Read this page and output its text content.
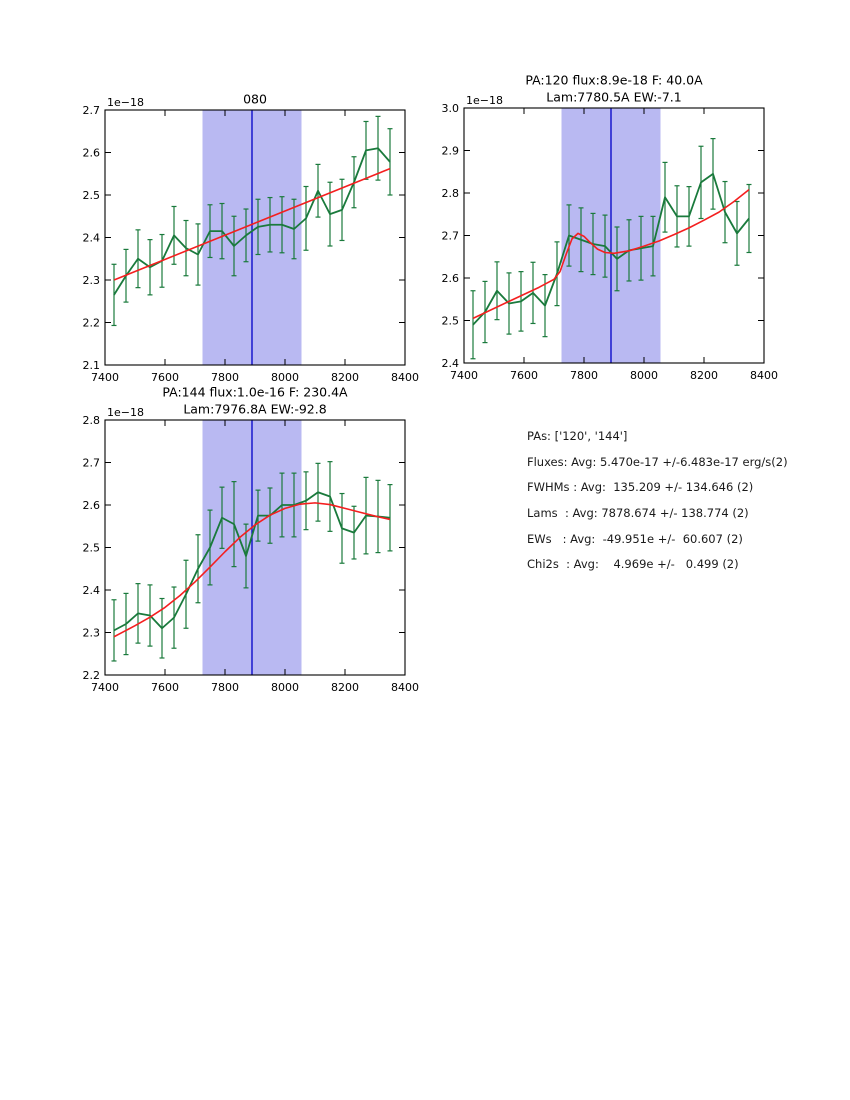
7400	7600	7800	8000	8200	8400
2.1
2.2
2.3
2.4
2.5
2.6
2.7
1e−18	080
7400	7600	7800	8000	8200	8400
2.4
2.5
2.6
2.7
2.8
2.9
3.0
1e−18
PA:120 flux:8.9e-18 F: 40.0A
Lam:7780.5A EW:-7.1
7400	7600	7800	8000	8200	8400
2.2
2.3
2.4
2.5
2.6
2.7
2.8
1e−18
PA:144 flux:1.0e-16 F: 230.4A
Lam:7976.8A EW:-92.8
PAs: ['120', '144']
Fluxes: Avg: 5.470e-17 +/-6.483e-17 erg/s(2)
FWHMs : Avg:  135.209 +/- 134.646 (2)
Lams  : Avg: 7878.674 +/- 138.774 (2)
EWs   : Avg:  -49.951e +/-  60.607 (2)
Chi2s  : Avg:    4.969e +/-   0.499 (2)
